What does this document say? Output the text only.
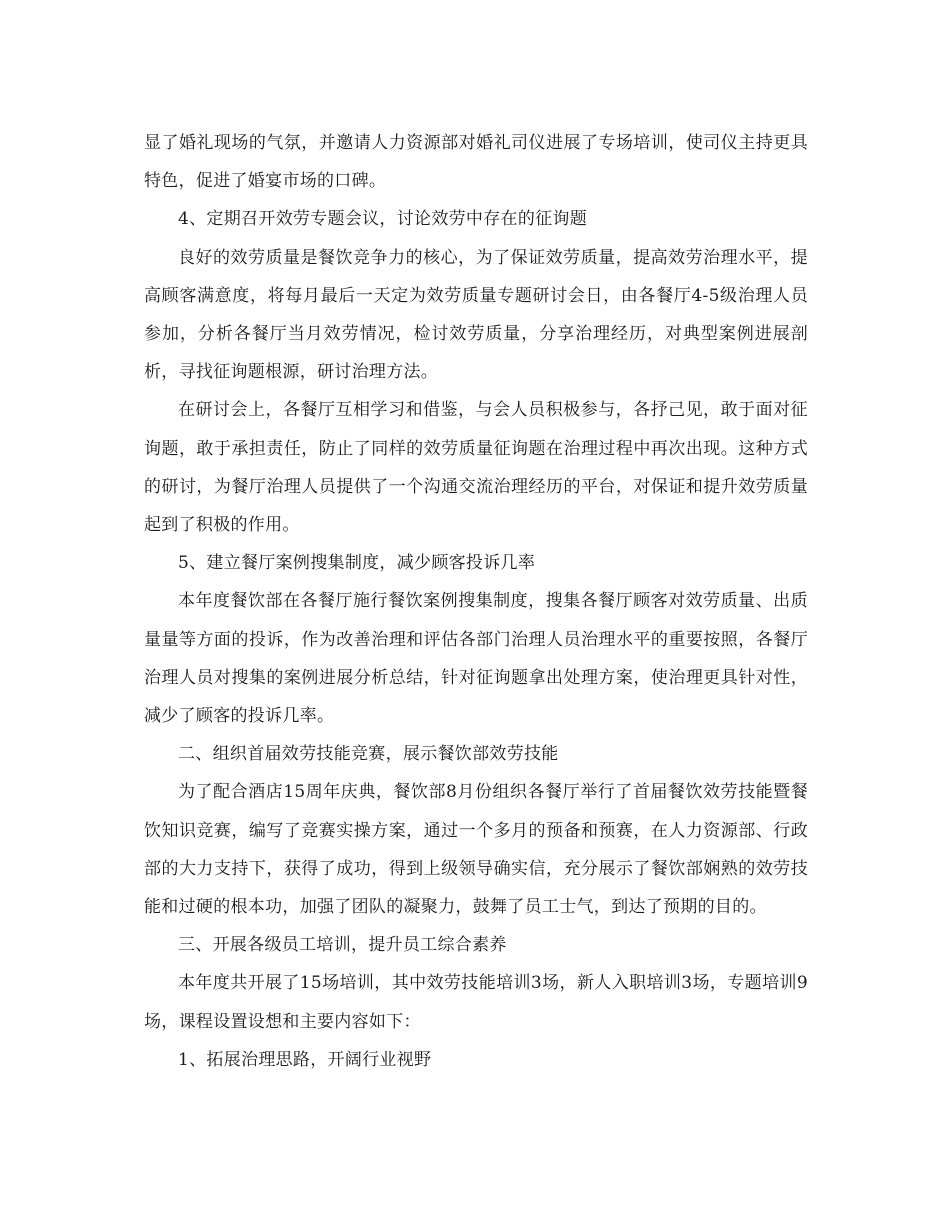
显了婚礼现场的气氛，并邀请人力资源部对婚礼司仪进展了专场培训，使司仪主持更具特色，促进了婚宴市场的口碑。

4、定期召开效劳专题会议，讨论效劳中存在的征询题

良好的效劳质量是餐饮竞争力的核心，为了保证效劳质量，提高效劳治理水平，提高顾客满意度，将每月最后一天定为效劳质量专题研讨会日，由各餐厅4-5级治理人员参加，分析各餐厅当月效劳情况，检讨效劳质量，分享治理经历，对典型案例进展剖析，寻找征询题根源，研讨治理方法。

在研讨会上，各餐厅互相学习和借鉴，与会人员积极参与，各抒己见，敢于面对征询题，敢于承担责任，防止了同样的效劳质量征询题在治理过程中再次出现。这种方式的研讨，为餐厅治理人员提供了一个沟通交流治理经历的平台，对保证和提升效劳质量起到了积极的作用。

5、建立餐厅案例搜集制度，减少顾客投诉几率

本年度餐饮部在各餐厅施行餐饮案例搜集制度，搜集各餐厅顾客对效劳质量、出质量量等方面的投诉，作为改善治理和评估各部门治理人员治理水平的重要按照，各餐厅治理人员对搜集的案例进展分析总结，针对征询题拿出处理方案，使治理更具针对性，减少了顾客的投诉几率。

二、组织首届效劳技能竞赛，展示餐饮部效劳技能

为了配合酒店15周年庆典，餐饮部8月份组织各餐厅举行了首届餐饮效劳技能暨餐饮知识竞赛，编写了竞赛实操方案，通过一个多月的预备和预赛，在人力资源部、行政部的大力支持下，获得了成功，得到上级领导确实信，充分展示了餐饮部娴熟的效劳技能和过硬的根本功，加强了团队的凝聚力，鼓舞了员工士气，到达了预期的目的。

三、开展各级员工培训，提升员工综合素养

本年度共开展了15场培训，其中效劳技能培训3场，新人入职培训3场，专题培训9场，课程设置设想和主要内容如下：

1、拓展治理思路，开阔行业视野
